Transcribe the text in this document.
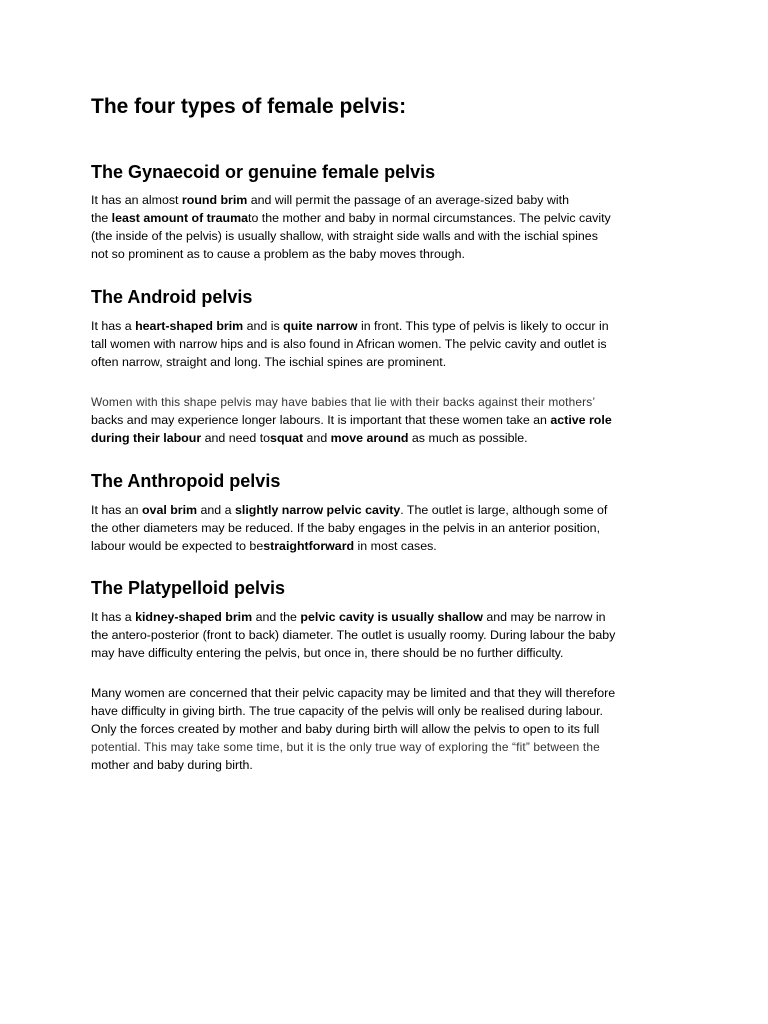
The four types of female pelvis:
The Gynaecoid or genuine female pelvis
It has an almost round brim and will permit the passage of an average-sized baby with
the least amount of traumato the mother and baby in normal circumstances. The pelvic cavity
(the inside of the pelvis) is usually shallow, with straight side walls and with the ischial spines
not so prominent as to cause a problem as the baby moves through.
The Android pelvis
It has a heart-shaped brim and is quite narrow in front. This type of pelvis is likely to occur in
tall women with narrow hips and is also found in African women. The pelvic cavity and outlet is
often narrow, straight and long. The ischial spines are prominent.
Women with this shape pelvis may have babies that lie with their backs against their mothers’
backs and may experience longer labours. It is important that these women take an active role
during their labour and need tosquat and move around as much as possible.
The Anthropoid pelvis
It has an oval brim and a slightly narrow pelvic cavity. The outlet is large, although some of
the other diameters may be reduced. If the baby engages in the pelvis in an anterior position,
labour would be expected to bestraightforward in most cases.
The Platypelloid pelvis
It has a kidney-shaped brim and the pelvic cavity is usually shallow and may be narrow in
the antero-posterior (front to back) diameter. The outlet is usually roomy. During labour the baby
may have difficulty entering the pelvis, but once in, there should be no further difficulty.
Many women are concerned that their pelvic capacity may be limited and that they will therefore
have difficulty in giving birth. The true capacity of the pelvis will only be realised during labour.
Only the forces created by mother and baby during birth will allow the pelvis to open to its full
potential. This may take some time, but it is the only true way of exploring the “fit” between the
mother and baby during birth.
